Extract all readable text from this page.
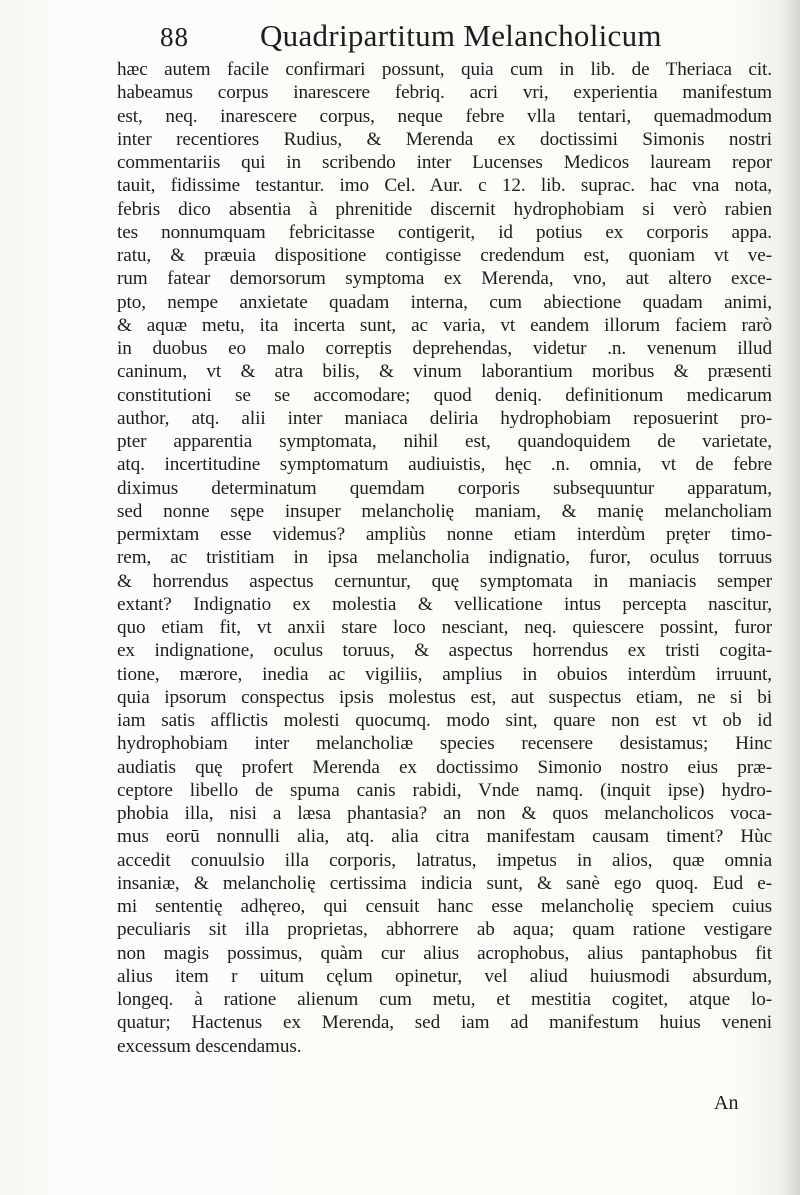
88	Quadripartitum Melancholicum
hæc autem facile confirmari possunt, quia cum in lib. de Theriaca cit.
habeamus corpus inarescere febriq. acri vri, experientia manifestum
est, neq. inarescere corpus, neque febre vlla tentari, quemadmodum
inter recentiores Rudius, & Merenda ex doctissimi Simonis nostri
commentariis qui in scribendo inter Lucenses Medicos lauream repor
tauit, fidissime testantur. imo Cel. Aur. c 12. lib. suprac. hac vna nota,
febris dico absentia à phrenitide discernit hydrophobiam si verò rabien
tes nonnumquam febricitasse contigerit, id potius ex corporis appa.
ratu, & præuia dispositione contigisse credendum est, quoniam vt ve-
rum fatear demorsorum symptoma ex Merenda, vno, aut altero exce-
pto, nempe anxietate quadam interna, cum abiectione quadam animi,
& aquæ metu, ita incerta sunt, ac varia, vt eandem illorum faciem rarò
in duobus eo malo correptis deprehendas, videtur .n. venenum illud
caninum, vt & atra bilis, & vinum laborantium moribus & præsenti
constitutioni se se accomodare; quod deniq. definitionum medicarum
author, atq. alii inter maniaca deliria hydrophobiam reposuerint pro-
pter apparentia symptomata, nihil est, quandoquidem de varietate,
atq. incertitudine symptomatum audiuistis, hęc .n. omnia, vt de febre
diximus determinatum quemdam corporis subsequuntur apparatum,
sed nonne sępe insuper melancholię maniam, & manię melancholiam
permixtam esse videmus? ampliùs nonne etiam interdùm pręter timo-
rem, ac tristitiam in ipsa melancholia indignatio, furor, oculus torruus
& horrendus aspectus cernuntur, quę symptomata in maniacis semper
extant? Indignatio ex molestia & vellicatione intus percepta nascitur,
quo etiam fit, vt anxii stare loco nesciant, neq. quiescere possint, furor
ex indignatione, oculus toruus, & aspectus horrendus ex tristi cogita-
tione, mærore, inedia ac vigiliis, amplius in obuios interdùm irruunt,
quia ipsorum conspectus ipsis molestus est, aut suspectus etiam, ne si bi
iam satis afflictis molesti quocumq. modo sint, quare non est vt ob id
hydrophobiam inter melancholiæ species recensere desistamus; Hinc
audiatis quę profert Merenda ex doctissimo Simonio nostro eius præ-
ceptore libello de spuma canis rabidi, Vnde namq. (inquit ipse) hydro-
phobia illa, nisi a læsa phantasia? an non & quos melancholicos voca-
mus eorū nonnulli alia, atq. alia citra manifestam causam timent? Hùc
accedit conuulsio illa corporis, latratus, impetus in alios, quæ omnia
insaniæ, & melancholię certissima indicia sunt, & sanè ego quoq. Eud e-
mi sententię adhęreo, qui censuit hanc esse melancholię speciem cuius
peculiaris sit illa proprietas, abhorrere ab aqua; quam ratione vestigare
non magis possimus, quàm cur alius acrophobus, alius pantaphobus fit
alius item r uitum cęlum opinetur, vel aliud huiusmodi absurdum,
longeq. à ratione alienum cum metu, et mestitia cogitet, atque lo-
quatur; Hactenus ex Merenda, sed iam ad manifestum huius veneni
excessum descendamus.
An
